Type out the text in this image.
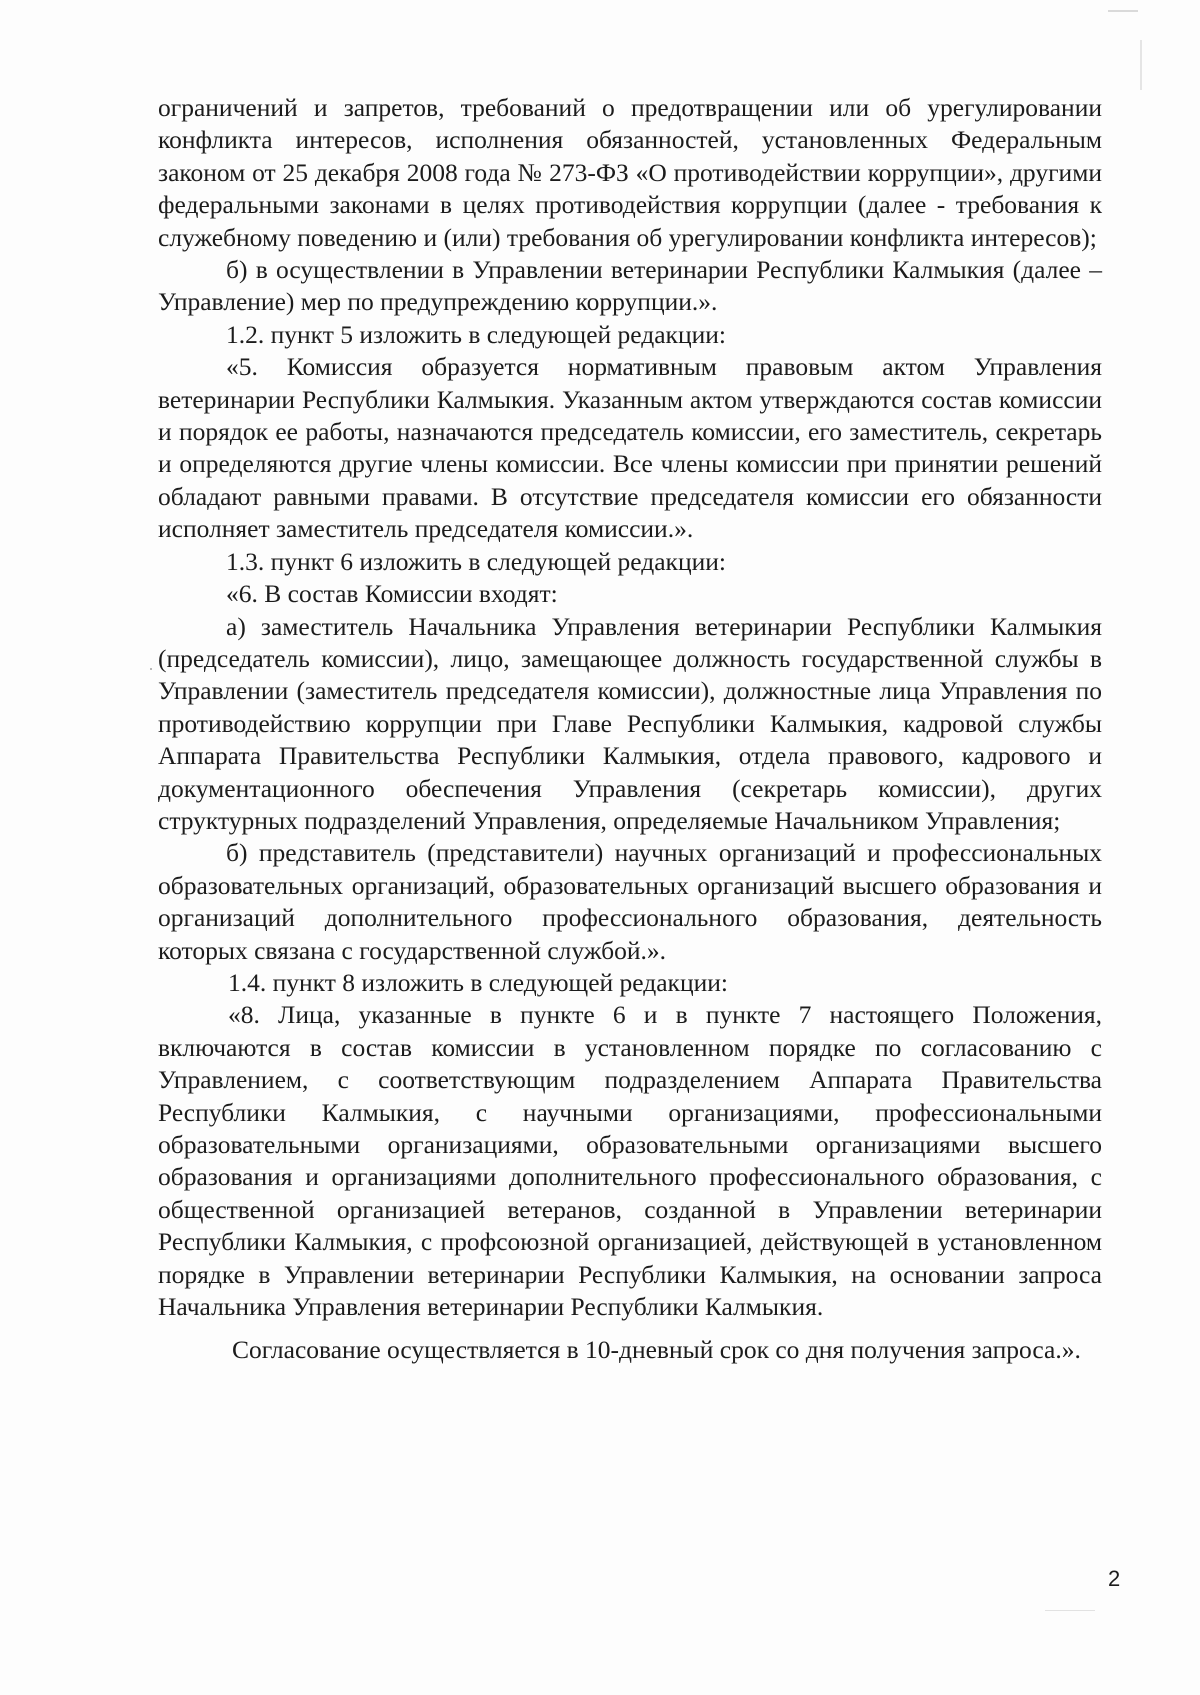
ограничений и запретов, требований о предотвращении или об урегулировании конфликта интересов, исполнения обязанностей, установленных Федеральным законом от 25 декабря 2008 года № 273-ФЗ «О противодействии коррупции», другими федеральными законами в целях противодействия коррупции (далее - требования к служебному поведению и (или) требования об урегулировании конфликта интересов);

б) в осуществлении в Управлении ветеринарии Республики Калмыкия (далее – Управление) мер по предупреждению коррупции.».

1.2. пункт 5 изложить в следующей редакции:

«5. Комиссия образуется нормативным правовым актом Управления ветеринарии Республики Калмыкия. Указанным актом утверждаются состав комиссии и порядок ее работы, назначаются председатель комиссии, его заместитель, секретарь и определяются другие члены комиссии. Все члены комиссии при принятии решений обладают равными правами. В отсутствие председателя комиссии его обязанности исполняет заместитель председателя комиссии.».

1.3. пункт 6 изложить в следующей редакции:

«6. В состав Комиссии входят:

а) заместитель Начальника Управления ветеринарии Республики Калмыкия (председатель комиссии), лицо, замещающее должность государственной службы в Управлении (заместитель председателя комиссии), должностные лица Управления по противодействию коррупции при Главе Республики Калмыкия, кадровой службы Аппарата Правительства Республики Калмыкия, отдела правового, кадрового и документационного обеспечения Управления (секретарь комиссии), других структурных подразделений Управления, определяемые Начальником Управления;

б) представитель (представители) научных организаций и профессиональных образовательных организаций, образовательных организаций высшего образования и организаций дополнительного профессионального образования, деятельность которых связана с государственной службой.».

1.4. пункт 8 изложить в следующей редакции:

«8. Лица, указанные в пункте 6 и в пункте 7 настоящего Положения, включаются в состав комиссии в установленном порядке по согласованию с Управлением, с соответствующим подразделением Аппарата Правительства Республики Калмыкия, с научными организациями, профессиональными образовательными организациями, образовательными организациями высшего образования и организациями дополнительного профессионального образования, с общественной организацией ветеранов, созданной в Управлении ветеринарии Республики Калмыкия, с профсоюзной организацией, действующей в установленном порядке в Управлении ветеринарии Республики Калмыкия, на основании запроса Начальника Управления ветеринарии Республики Калмыкия.

Согласование осуществляется в 10-дневный срок со дня получения запроса.».

2
